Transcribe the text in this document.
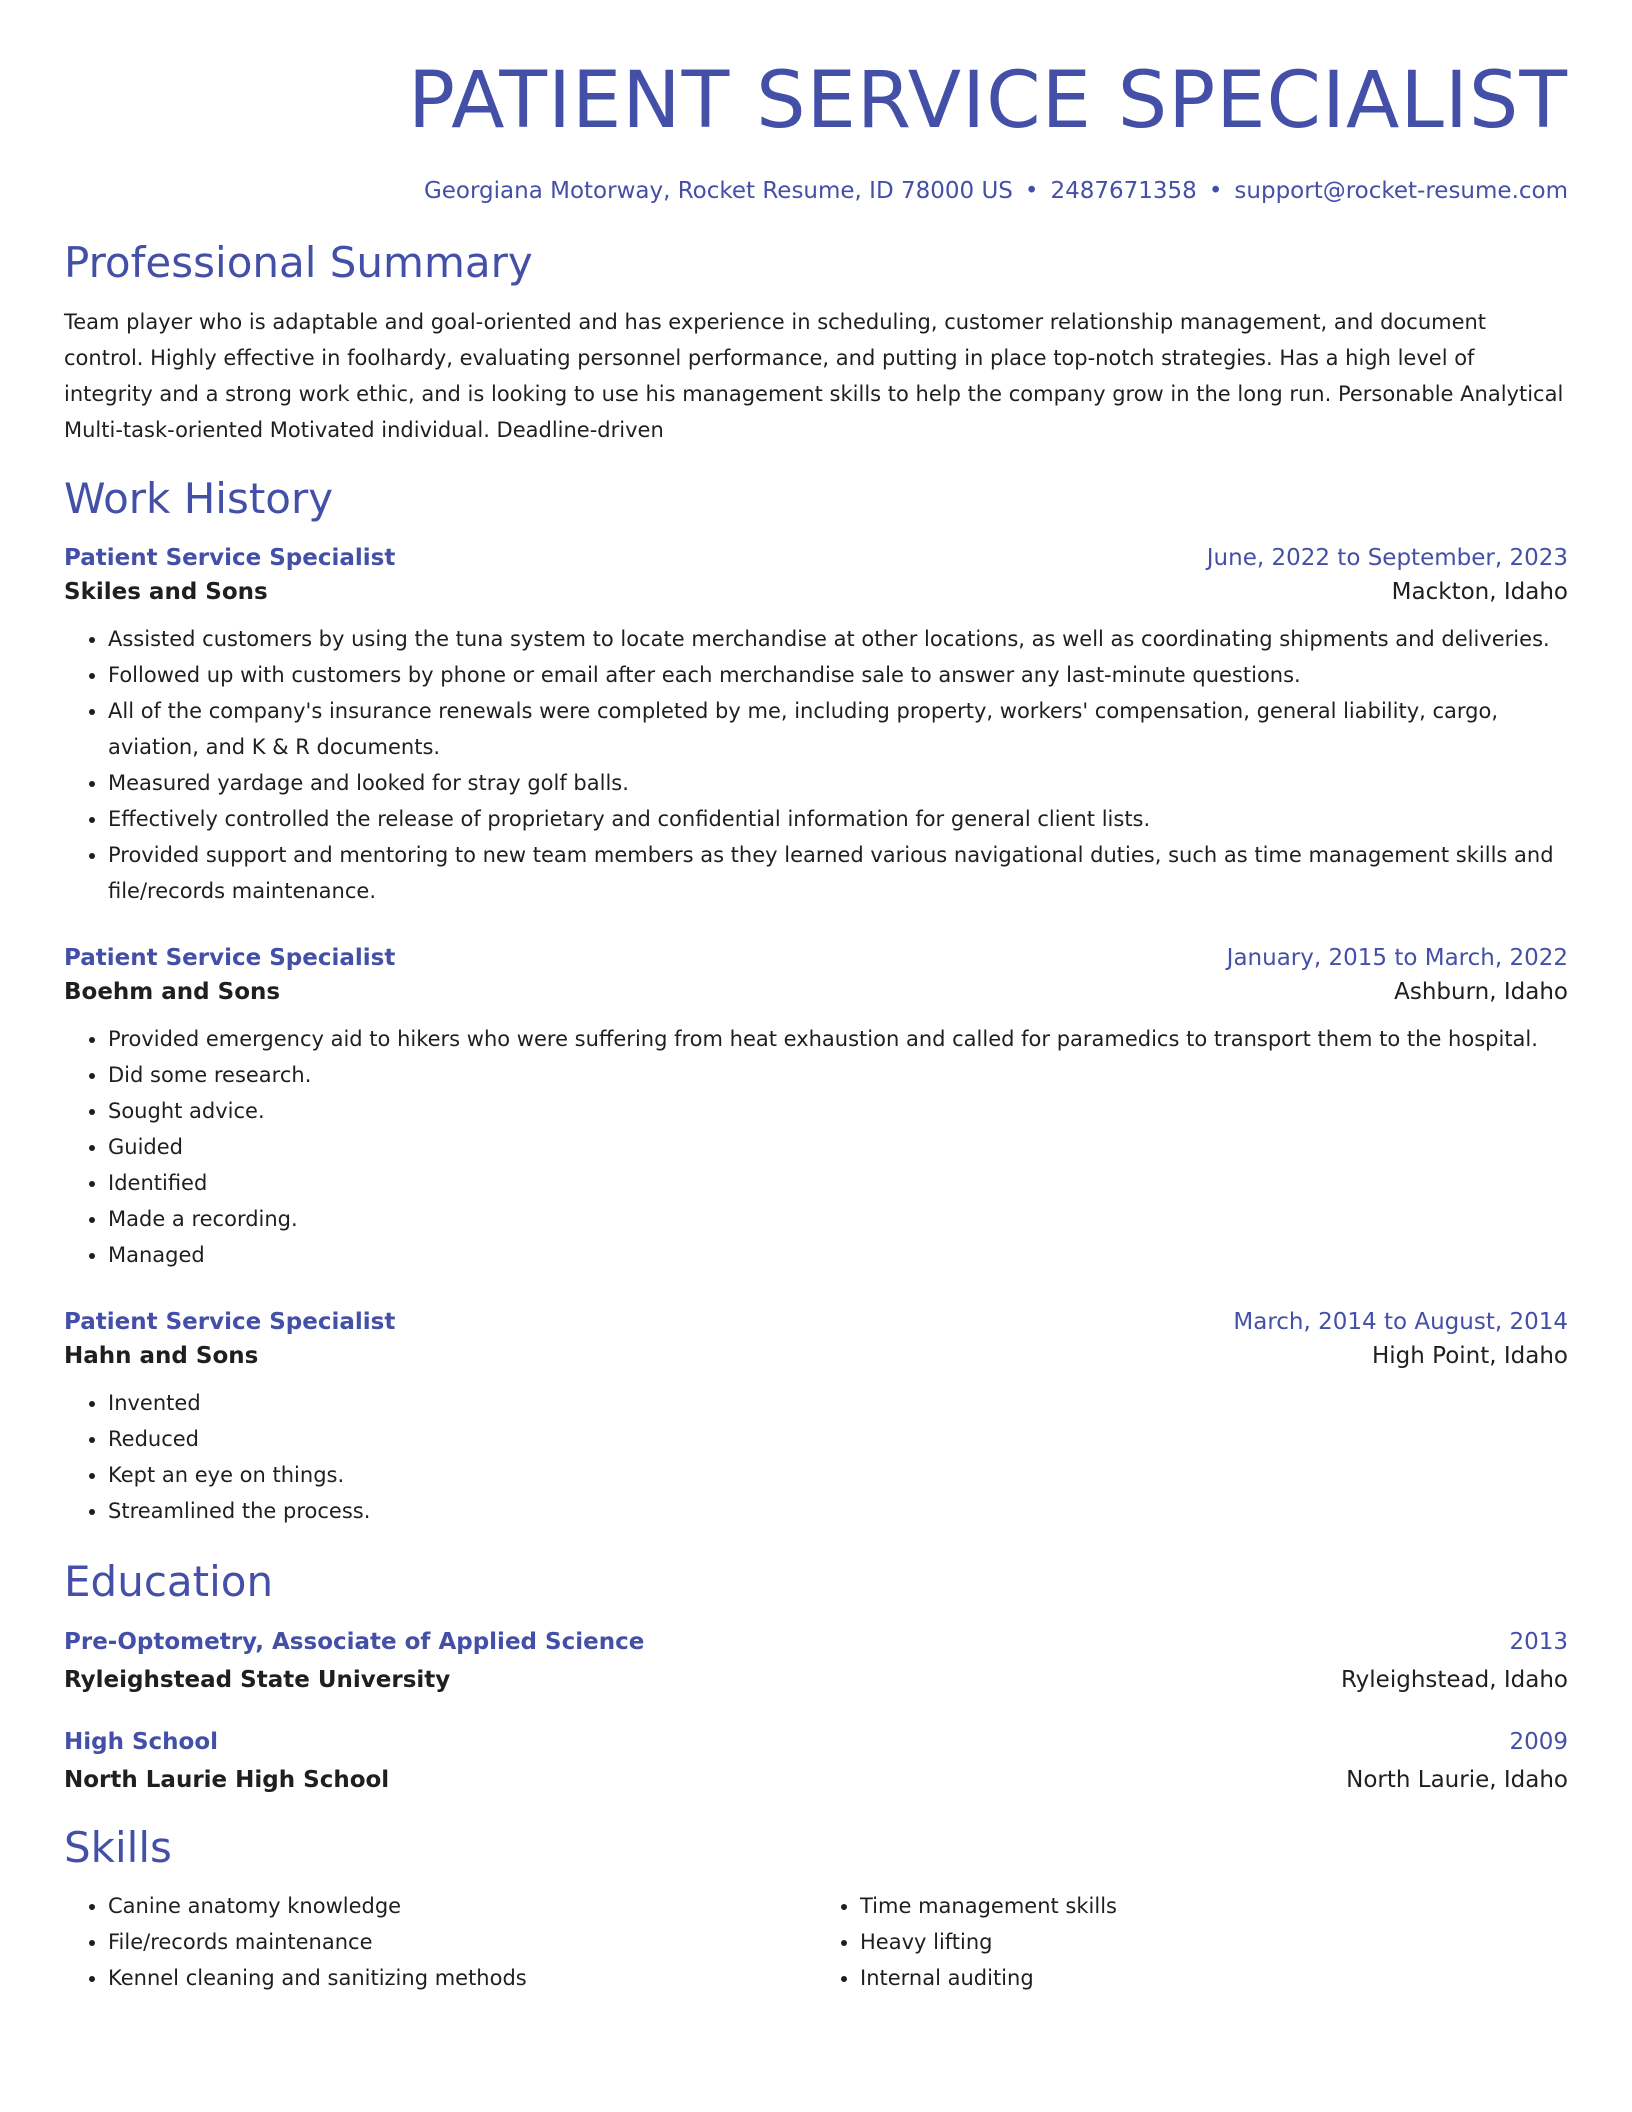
PATIENT SERVICE SPECIALIST
Georgiana Motorway, Rocket Resume, ID 78000 US • 2487671358 • support@rocket-resume.com
Professional Summary
Team player who is adaptable and goal-oriented and has experience in scheduling, customer relationship management, and document control. Highly effective in foolhardy, evaluating personnel performance, and putting in place top-notch strategies. Has a high level of integrity and a strong work ethic, and is looking to use his management skills to help the company grow in the long run. Personable Analytical Multi-task-oriented Motivated individual. Deadline-driven
Work History
Patient Service Specialist	June, 2022 to September, 2023
Skiles and Sons	Mackton, Idaho
• Assisted customers by using the tuna system to locate merchandise at other locations, as well as coordinating shipments and deliveries.
• Followed up with customers by phone or email after each merchandise sale to answer any last-minute questions.
• All of the company's insurance renewals were completed by me, including property, workers' compensation, general liability, cargo, aviation, and K & R documents.
• Measured yardage and looked for stray golf balls.
• Effectively controlled the release of proprietary and confidential information for general client lists.
• Provided support and mentoring to new team members as they learned various navigational duties, such as time management skills and file/records maintenance.
Patient Service Specialist	January, 2015 to March, 2022
Boehm and Sons	Ashburn, Idaho
• Provided emergency aid to hikers who were suffering from heat exhaustion and called for paramedics to transport them to the hospital.
• Did some research.
• Sought advice.
• Guided
• Identified
• Made a recording.
• Managed
Patient Service Specialist	March, 2014 to August, 2014
Hahn and Sons	High Point, Idaho
• Invented
• Reduced
• Kept an eye on things.
• Streamlined the process.
Education
Pre-Optometry, Associate of Applied Science	2013
Ryleighstead State University	Ryleighstead, Idaho
High School	2009
North Laurie High School	North Laurie, Idaho
Skills
• Canine anatomy knowledge
• File/records maintenance
• Kennel cleaning and sanitizing methods
• Time management skills
• Heavy lifting
• Internal auditing
